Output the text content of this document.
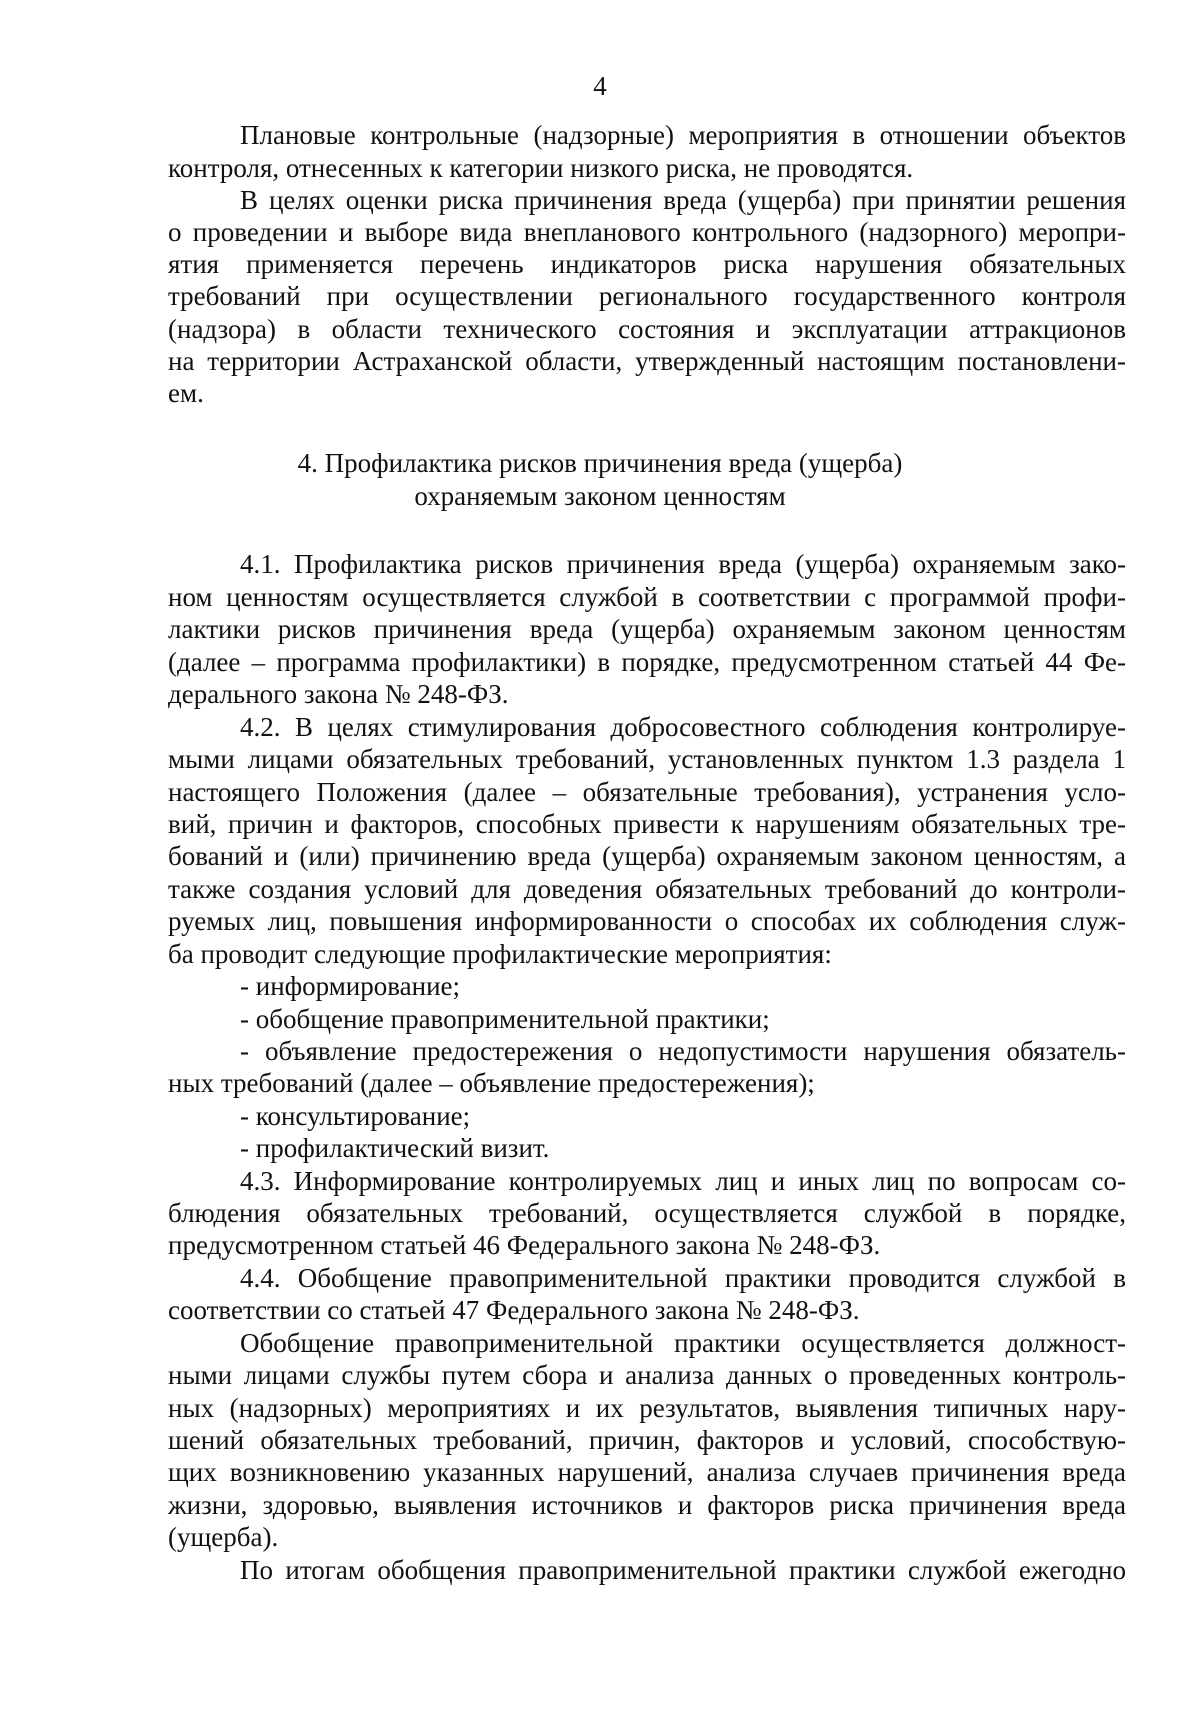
4
Плановые контрольные (надзорные) мероприятия в отношении объектов
контроля, отнесенных к категории низкого риска, не проводятся.
В целях оценки риска причинения вреда (ущерба) при принятии решения
о проведении и выборе вида внепланового контрольного (надзорного) меропри-
ятия применяется перечень индикаторов риска нарушения обязательных
требований при осуществлении регионального государственного контроля
(надзора) в области технического состояния и эксплуатации аттракционов
на территории Астраханской области, утвержденный настоящим постановлени-
ем.
4. Профилактика рисков причинения вреда (ущерба)
охраняемым законом ценностям
4.1. Профилактика рисков причинения вреда (ущерба) охраняемым зако-
ном ценностям осуществляется службой в соответствии с программой профи-
лактики рисков причинения вреда (ущерба) охраняемым законом ценностям
(далее – программа профилактики) в порядке, предусмотренном статьей 44 Фе-
дерального закона № 248-ФЗ.
4.2. В целях стимулирования добросовестного соблюдения контролируе-
мыми лицами обязательных требований, установленных пунктом 1.3 раздела 1
настоящего Положения (далее – обязательные требования), устранения усло-
вий, причин и факторов, способных привести к нарушениям обязательных тре-
бований и (или) причинению вреда (ущерба) охраняемым законом ценностям, а
также создания условий для доведения обязательных требований до контроли-
руемых лиц, повышения информированности о способах их соблюдения служ-
ба проводит следующие профилактические мероприятия:
- информирование;
- обобщение правоприменительной практики;
- объявление предостережения о недопустимости нарушения обязатель-
ных требований (далее – объявление предостережения);
- консультирование;
- профилактический визит.
4.3. Информирование контролируемых лиц и иных лиц по вопросам со-
блюдения обязательных требований, осуществляется службой в порядке,
предусмотренном статьей 46 Федерального закона № 248-ФЗ.
4.4. Обобщение правоприменительной практики проводится службой в
соответствии со статьей 47 Федерального закона № 248-ФЗ.
Обобщение правоприменительной практики осуществляется должност-
ными лицами службы путем сбора и анализа данных о проведенных контроль-
ных (надзорных) мероприятиях и их результатов, выявления типичных нару-
шений обязательных требований, причин, факторов и условий, способствую-
щих возникновению указанных нарушений, анализа случаев причинения вреда
жизни, здоровью, выявления источников и факторов риска причинения вреда
(ущерба).
По итогам обобщения правоприменительной практики службой ежегодно
